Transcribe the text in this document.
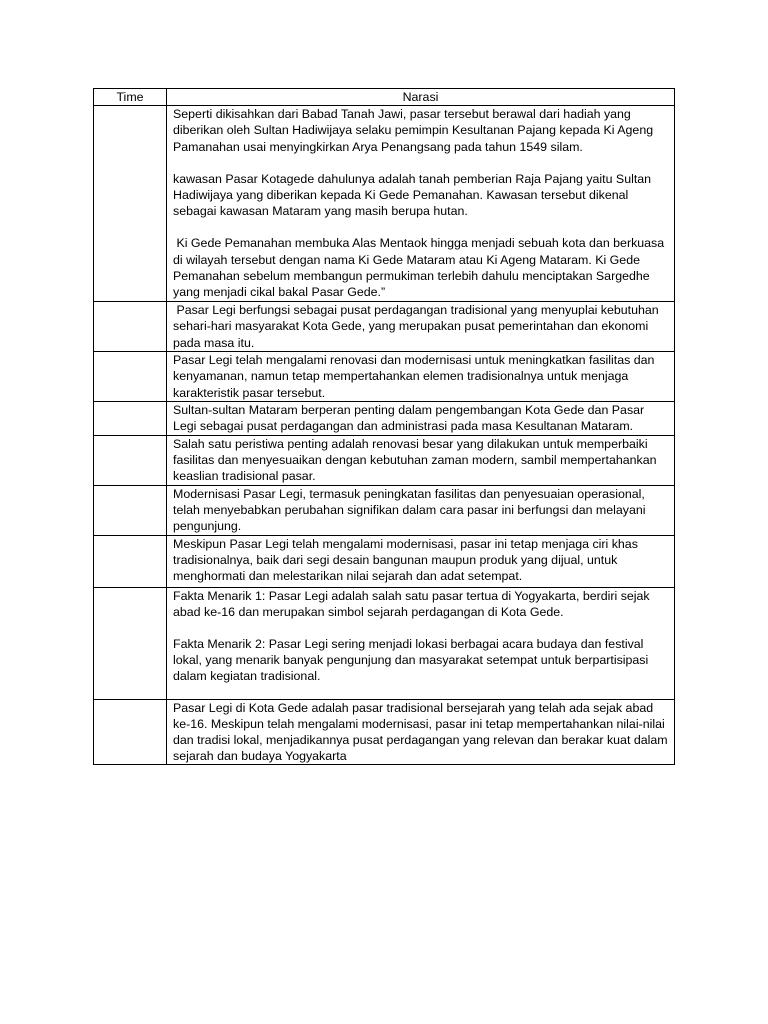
Time	Narasi

	Seperti dikisahkan dari Babad Tanah Jawi, pasar tersebut berawal dari hadiah yang diberikan oleh Sultan Hadiwijaya selaku pemimpin Kesultanan Pajang kepada Ki Ageng Pamanahan usai menyingkirkan Arya Penangsang pada tahun 1549 silam.

kawasan Pasar Kotagede dahulunya adalah tanah pemberian Raja Pajang yaitu Sultan Hadiwijaya yang diberikan kepada Ki Gede Pemanahan. Kawasan tersebut dikenal sebagai kawasan Mataram yang masih berupa hutan.

Ki Gede Pemanahan membuka Alas Mentaok hingga menjadi sebuah kota dan berkuasa di wilayah tersebut dengan nama Ki Gede Mataram atau Ki Ageng Mataram. Ki Gede Pemanahan sebelum membangun permukiman terlebih dahulu menciptakan Sargedhe yang menjadi cikal bakal Pasar Gede.”

	Pasar Legi berfungsi sebagai pusat perdagangan tradisional yang menyuplai kebutuhan sehari-hari masyarakat Kota Gede, yang merupakan pusat pemerintahan dan ekonomi pada masa itu.

	Pasar Legi telah mengalami renovasi dan modernisasi untuk meningkatkan fasilitas dan kenyamanan, namun tetap mempertahankan elemen tradisionalnya untuk menjaga karakteristik pasar tersebut.

	Sultan-sultan Mataram berperan penting dalam pengembangan Kota Gede dan Pasar Legi sebagai pusat perdagangan dan administrasi pada masa Kesultanan Mataram.

	Salah satu peristiwa penting adalah renovasi besar yang dilakukan untuk memperbaiki fasilitas dan menyesuaikan dengan kebutuhan zaman modern, sambil mempertahankan keaslian tradisional pasar.

	Modernisasi Pasar Legi, termasuk peningkatan fasilitas dan penyesuaian operasional, telah menyebabkan perubahan signifikan dalam cara pasar ini berfungsi dan melayani pengunjung.

	Meskipun Pasar Legi telah mengalami modernisasi, pasar ini tetap menjaga ciri khas tradisionalnya, baik dari segi desain bangunan maupun produk yang dijual, untuk menghormati dan melestarikan nilai sejarah dan adat setempat.

	Fakta Menarik 1: Pasar Legi adalah salah satu pasar tertua di Yogyakarta, berdiri sejak abad ke-16 dan merupakan simbol sejarah perdagangan di Kota Gede.

Fakta Menarik 2: Pasar Legi sering menjadi lokasi berbagai acara budaya dan festival lokal, yang menarik banyak pengunjung dan masyarakat setempat untuk berpartisipasi dalam kegiatan tradisional.

	Pasar Legi di Kota Gede adalah pasar tradisional bersejarah yang telah ada sejak abad ke-16. Meskipun telah mengalami modernisasi, pasar ini tetap mempertahankan nilai-nilai dan tradisi lokal, menjadikannya pusat perdagangan yang relevan dan berakar kuat dalam sejarah dan budaya Yogyakarta
